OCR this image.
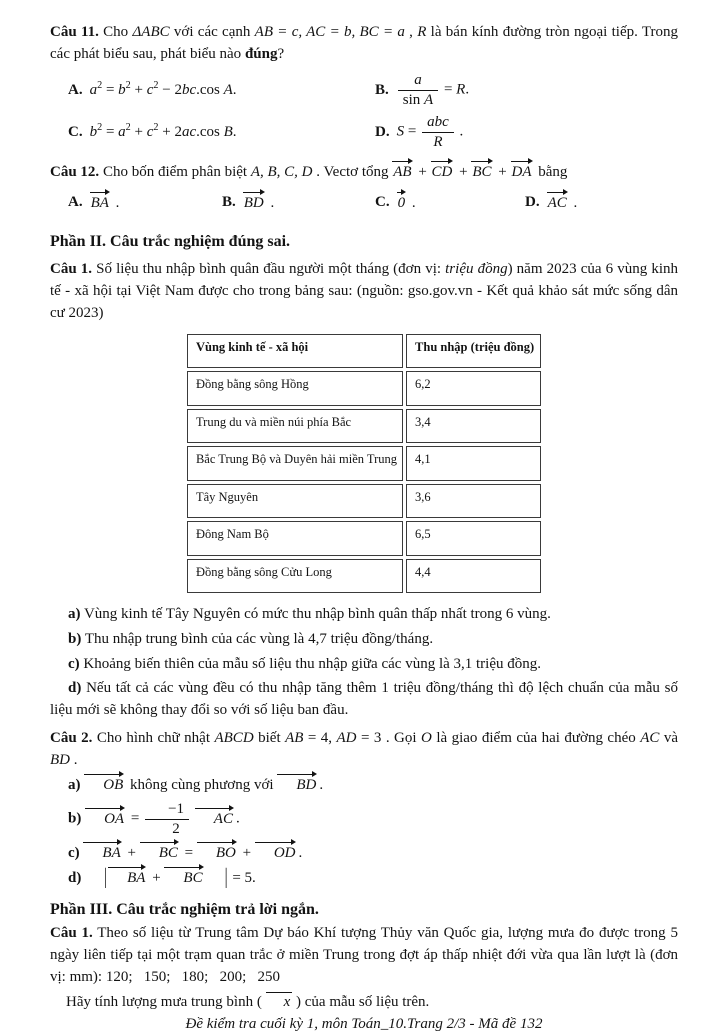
Câu 11. Cho ΔABC với các cạnh AB = c, AC = b, BC = a , R là bán kính đường tròn ngoại tiếp. Trong các phát biểu sau, phát biểu nào đúng?

A. $a^2 = b^2 + c^2 - 2bc.\cos$ A.	B. $\frac{a}{\text{sin A}} = R$.
C. $b^2 = a^2 + c^2 + 2ac.\cos$ B.	D. $S = \frac{\text{abc}}{R}$ .

Câu 12. Cho bốn điểm phân biệt A, B, C, D . Vectơ tổng AB + CD + BC + DA bằng

A. BA .	B. BD .	C. 0 .	D. AC .

Phần II. Câu trắc nghiệm đúng sai.

Câu 1. Số liệu thu nhập bình quân đầu người một tháng (đơn vị: triệu đồng) năm 2023 của 6 vùng kinh tế - xã hội tại Việt Nam được cho trong bảng sau: (nguồn: gso.gov.vn - Kết quả khảo sát mức sống dân cư 2023)

Vùng kinh tế - xã hội	Thu nhập (triệu đồng)
Đồng bằng sông Hồng	6,2
Trung du và miền núi phía Bắc	3,4
Bắc Trung Bộ và Duyên hải miền Trung	4,1
Tây Nguyên	3,6
Đông Nam Bộ	6,5
Đồng bằng sông Cửu Long	4,4

a) Vùng kinh tế Tây Nguyên có mức thu nhập bình quân thấp nhất trong 6 vùng.

b) Thu nhập trung bình của các vùng là 4,7 triệu đồng/tháng.

c) Khoảng biến thiên của mẫu số liệu thu nhập giữa các vùng là 3,1 triệu đồng.

d) Nếu tất cả các vùng đều có thu nhập tăng thêm 1 triệu đồng/tháng thì độ lệch chuẩn của mẫu số liệu mới sẽ không thay đổi so với số liệu ban đầu.

Câu 2. Cho hình chữ nhật ABCD biết AB = 4, AD = 3 . Gọi O là giao điểm của hai đường chéo AC và BD .

a) OB không cùng phương với BD .

b) OA = $\frac{-1}{2}$ AC .

c) BA + BC = BO + OD .

d) | BA + BC | = 5.

Phần III. Câu trắc nghiệm trả lời ngắn.

Câu 1. Theo số liệu từ Trung tâm Dự báo Khí tượng Thủy văn Quốc gia, lượng mưa đo được trong 5 ngày liên tiếp tại một trạm quan trắc ở miền Trung trong đợt áp thấp nhiệt đới vừa qua lần lượt là (đơn vị: mm): 120;   150;   180;   200;   250

Hãy tính lượng mưa trung bình ( x ) của mẫu số liệu trên.

Đề kiểm tra cuối kỳ 1, môn Toán_10.Trang 2/3 - Mã đề 132
